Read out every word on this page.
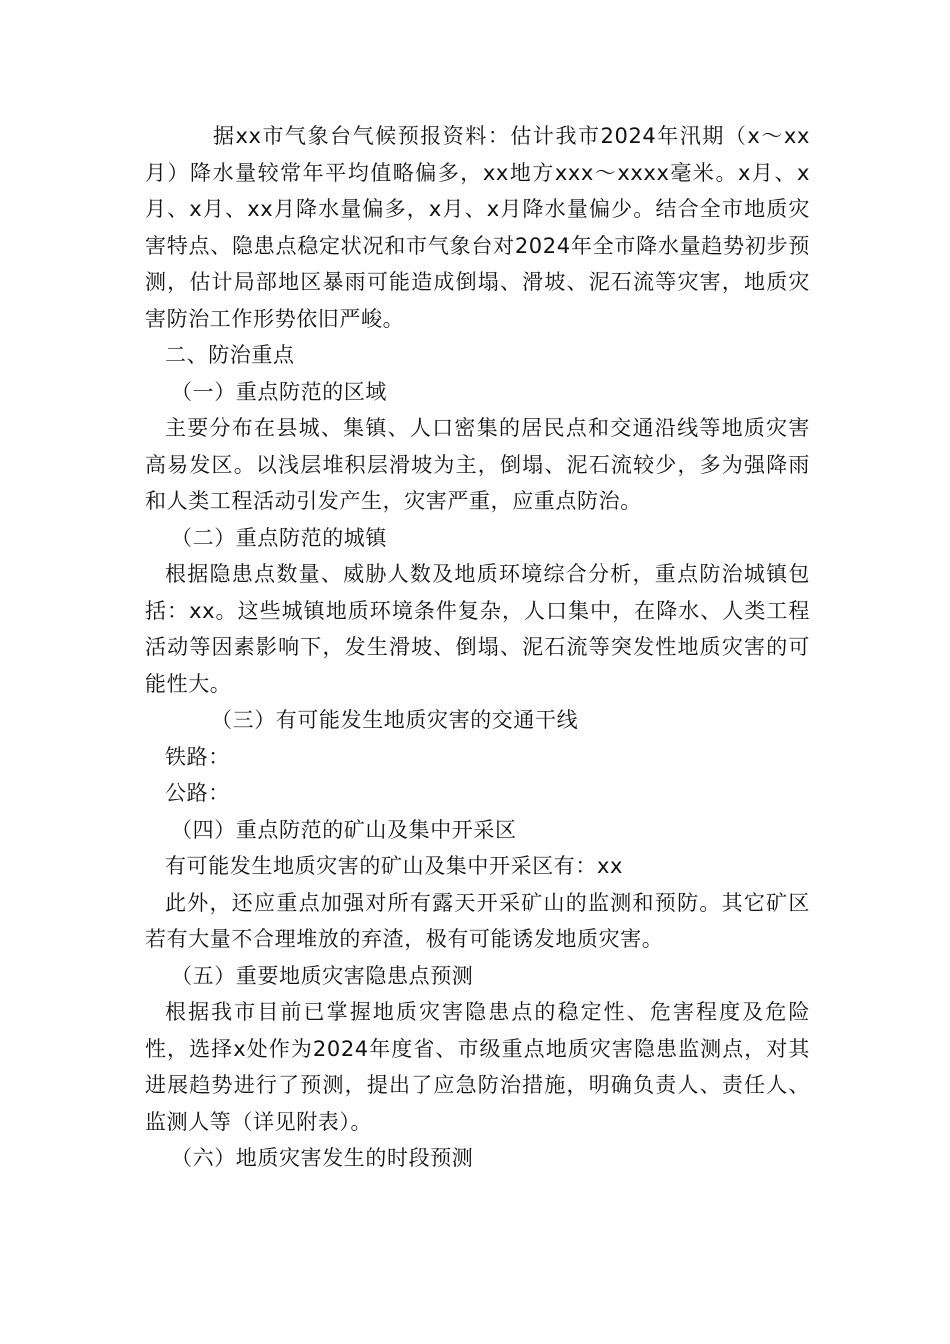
据xx市气象台气候预报资料：估计我市2024年汛期（x～xx月）降水量较常年平均值略偏多，xx地方xxx～xxxx毫米。x月、x月、x月、xx月降水量偏多，x月、x月降水量偏少。结合全市地质灾害特点、隐患点稳定状况和市气象台对2024年全市降水量趋势初步预测，估计局部地区暴雨可能造成倒塌、滑坡、泥石流等灾害，地质灾害防治工作形势依旧严峻。

二、防治重点

（一）重点防范的区域

主要分布在县城、集镇、人口密集的居民点和交通沿线等地质灾害高易发区。以浅层堆积层滑坡为主，倒塌、泥石流较少，多为强降雨和人类工程活动引发产生，灾害严重，应重点防治。

（二）重点防范的城镇

根据隐患点数量、威胁人数及地质环境综合分析，重点防治城镇包括：xx。这些城镇地质环境条件复杂，人口集中，在降水、人类工程活动等因素影响下，发生滑坡、倒塌、泥石流等突发性地质灾害的可能性大。

（三）有可能发生地质灾害的交通干线

铁路：

公路：

（四）重点防范的矿山及集中开采区

有可能发生地质灾害的矿山及集中开采区有：xx

此外，还应重点加强对所有露天开采矿山的监测和预防。其它矿区若有大量不合理堆放的弃渣，极有可能诱发地质灾害。

（五）重要地质灾害隐患点预测

根据我市目前已掌握地质灾害隐患点的稳定性、危害程度及危险性，选择x处作为2024年度省、市级重点地质灾害隐患监测点，对其进展趋势进行了预测，提出了应急防治措施，明确负责人、责任人、监测人等（详见附表）。

（六）地质灾害发生的时段预测
